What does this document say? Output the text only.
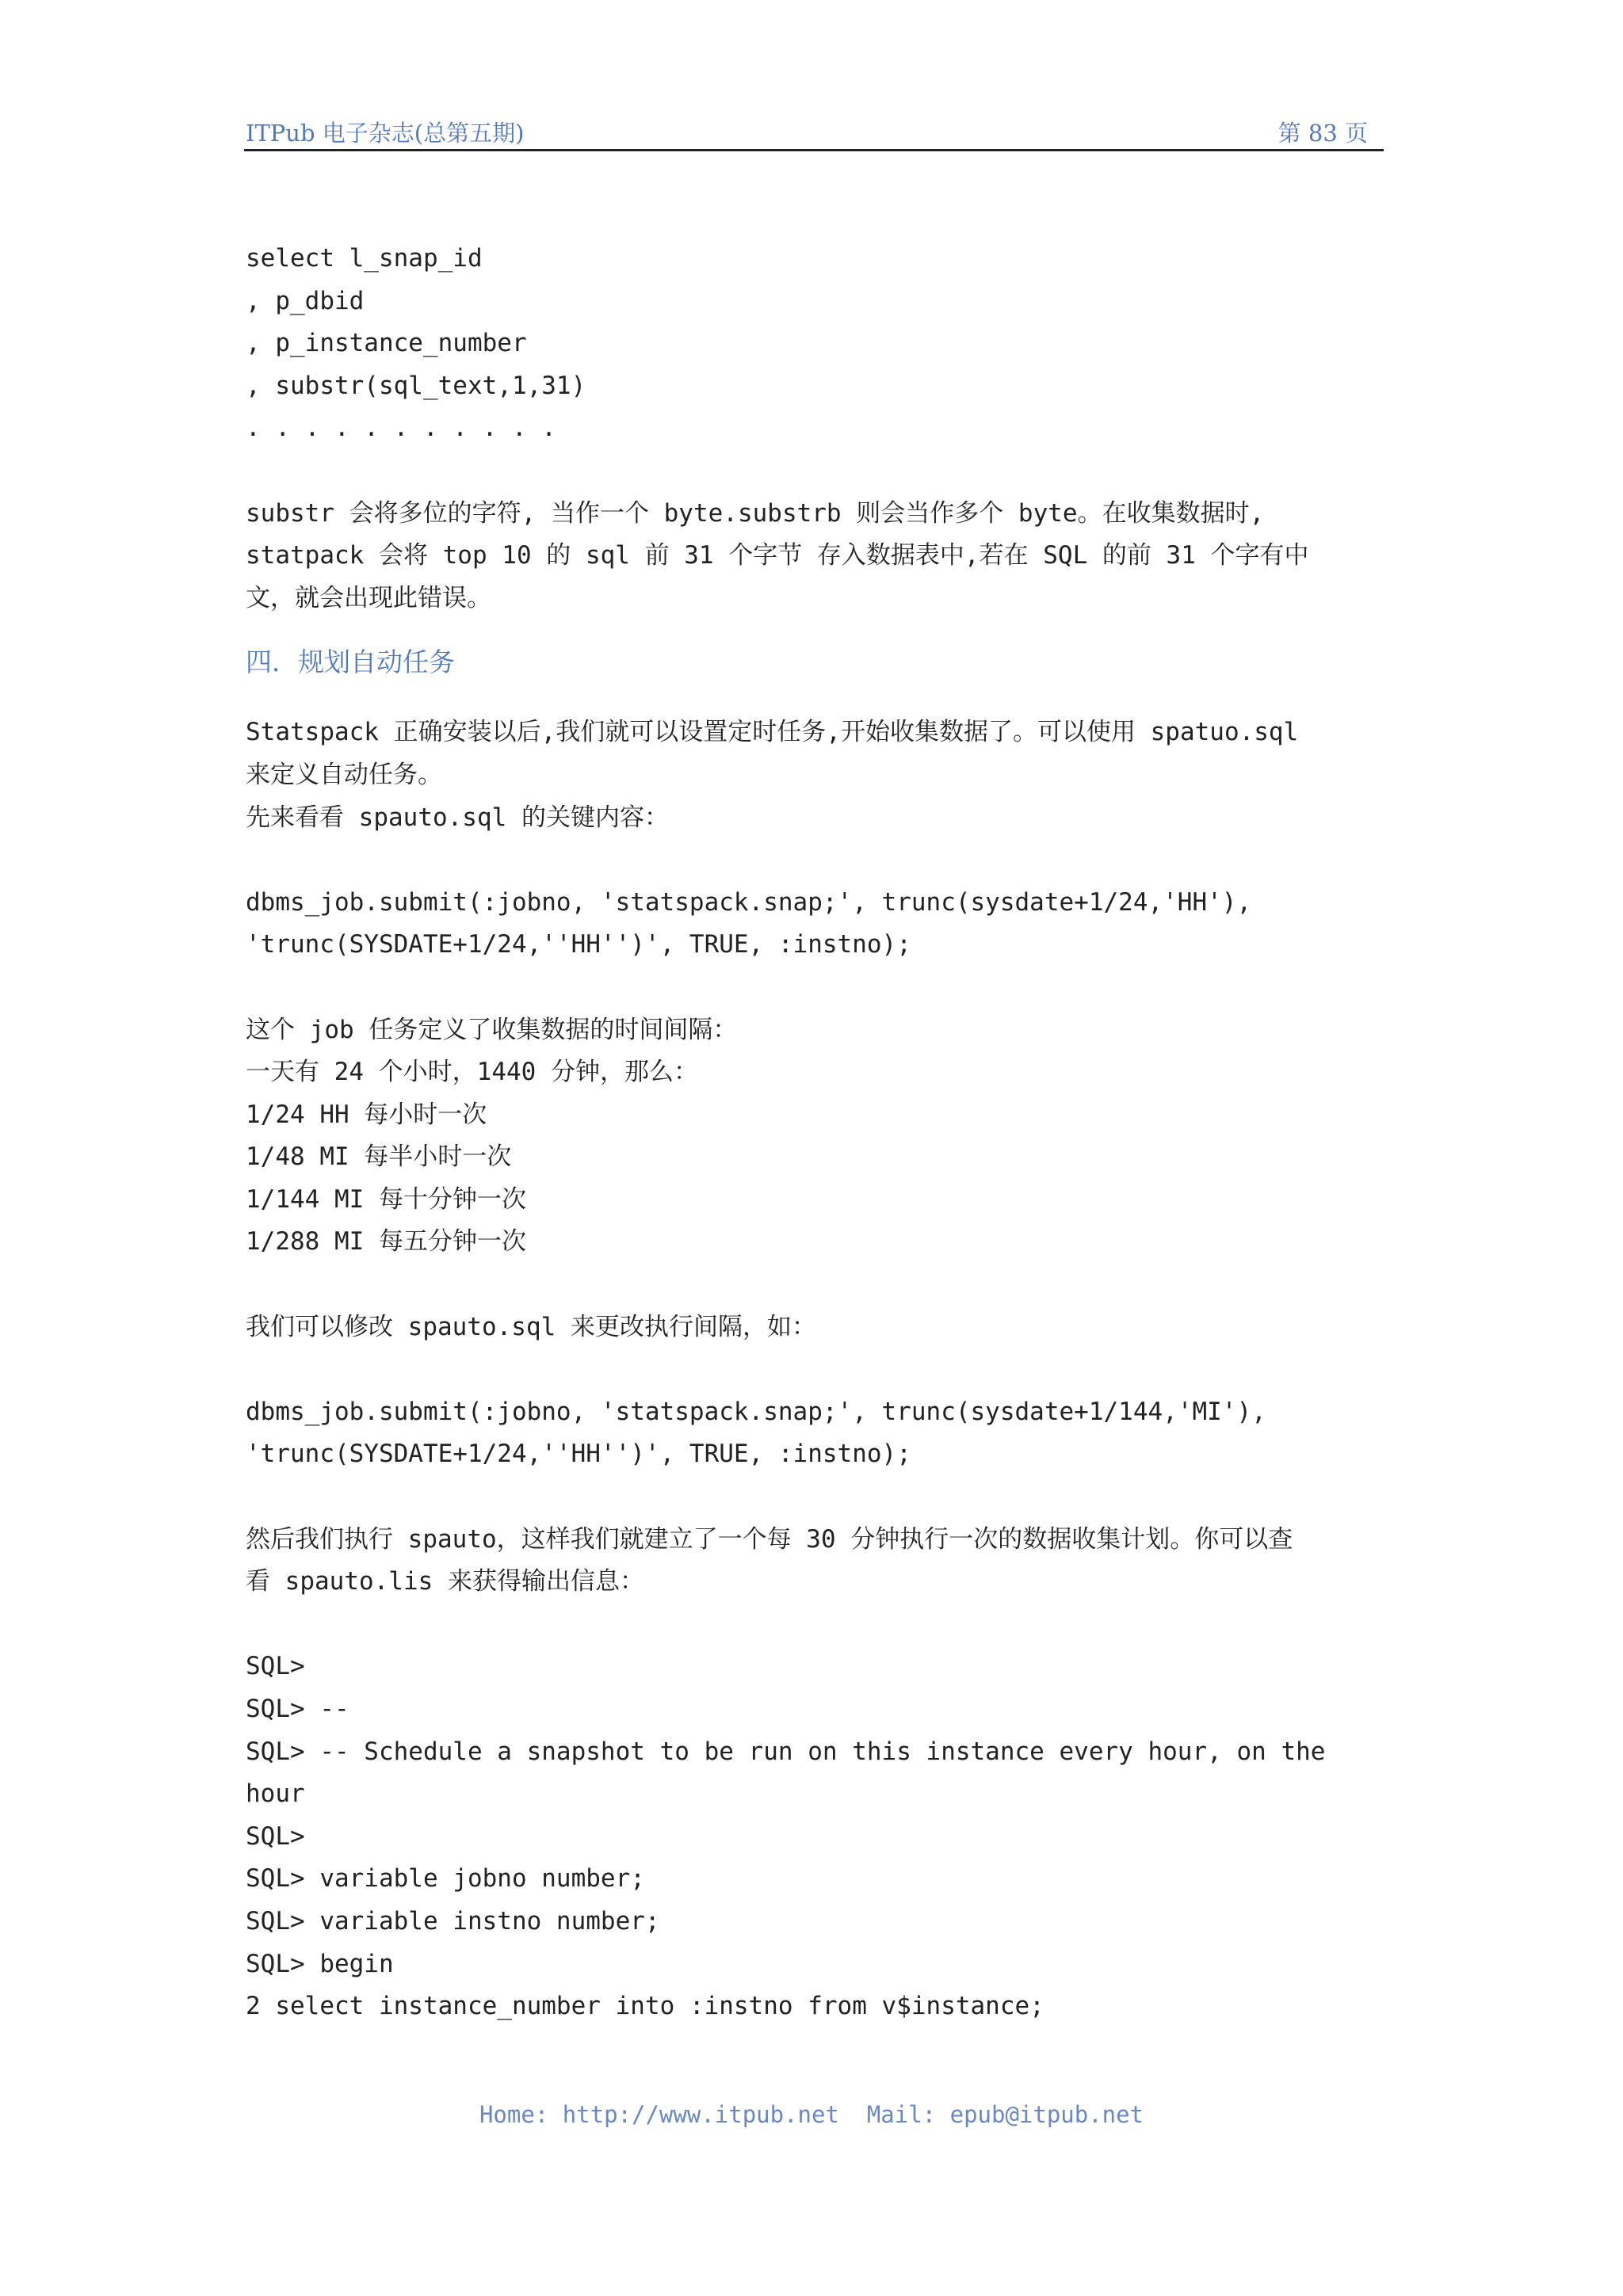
ITPub 电子杂志(总第五期)	第 83 页
select l_snap_id
, p_dbid
, p_instance_number
, substr(sql_text,1,31)
. . . . . . . . . . .
substr 会将多位的字符, 当作一个 byte.substrb 则会当作多个 byte。在收集数据时,
statpack 会将 top 10 的 sql 前 31 个字节 存入数据表中,若在 SQL 的前 31 个字有中
文，就会出现此错误。
四．规划自动任务
Statspack 正确安装以后,我们就可以设置定时任务,开始收集数据了。可以使用 spatuo.sql
来定义自动任务。
先来看看 spauto.sql 的关键内容：
dbms_job.submit(:jobno, 'statspack.snap;', trunc(sysdate+1/24,'HH'),
'trunc(SYSDATE+1/24,''HH'')', TRUE, :instno);
这个 job 任务定义了收集数据的时间间隔：
一天有 24 个小时，1440 分钟，那么：
1/24 HH 每小时一次
1/48 MI 每半小时一次
1/144 MI 每十分钟一次
1/288 MI 每五分钟一次
我们可以修改 spauto.sql 来更改执行间隔，如：
dbms_job.submit(:jobno, 'statspack.snap;', trunc(sysdate+1/144,'MI'),
'trunc(SYSDATE+1/24,''HH'')', TRUE, :instno);
然后我们执行 spauto，这样我们就建立了一个每 30 分钟执行一次的数据收集计划。你可以查
看 spauto.lis 来获得输出信息：
SQL>
SQL> --
SQL> -- Schedule a snapshot to be run on this instance every hour, on the
hour
SQL>
SQL> variable jobno number;
SQL> variable instno number;
SQL> begin
2 select instance_number into :instno from v$instance;
Home: http://www.itpub.net Mail: epub@itpub.net
